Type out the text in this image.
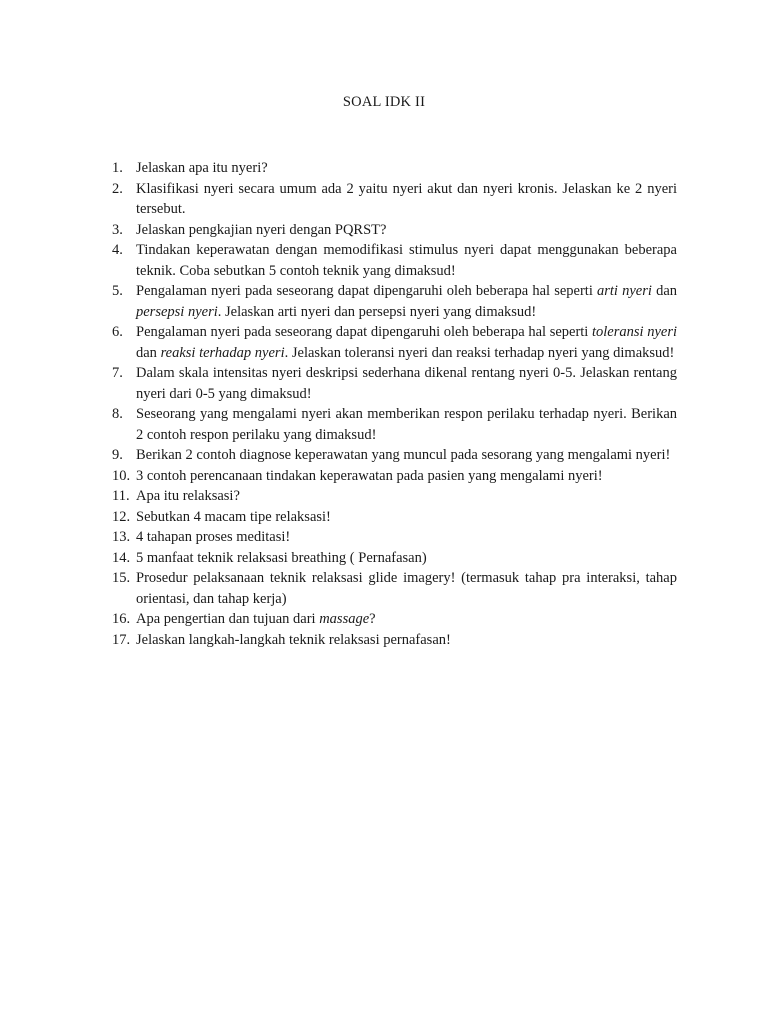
SOAL IDK II
1. Jelaskan apa itu nyeri?
2. Klasifikasi nyeri secara umum ada 2 yaitu nyeri akut dan nyeri kronis. Jelaskan ke 2 nyeri tersebut.
3. Jelaskan pengkajian nyeri dengan PQRST?
4. Tindakan keperawatan dengan memodifikasi stimulus nyeri dapat menggunakan beberapa teknik. Coba sebutkan 5 contoh teknik yang dimaksud!
5. Pengalaman nyeri pada seseorang dapat dipengaruhi oleh beberapa hal seperti arti nyeri dan persepsi nyeri. Jelaskan arti nyeri dan persepsi nyeri yang dimaksud!
6. Pengalaman nyeri pada seseorang dapat dipengaruhi oleh beberapa hal seperti toleransi nyeri dan reaksi terhadap nyeri. Jelaskan toleransi nyeri dan reaksi terhadap nyeri yang dimaksud!
7. Dalam skala intensitas nyeri deskripsi sederhana dikenal rentang nyeri 0-5. Jelaskan rentang nyeri dari 0-5 yang dimaksud!
8. Seseorang yang mengalami nyeri akan memberikan respon perilaku terhadap nyeri. Berikan 2 contoh respon perilaku yang dimaksud!
9. Berikan 2 contoh diagnose keperawatan yang muncul pada sesorang yang mengalami nyeri!
10. 3 contoh perencanaan tindakan keperawatan pada pasien yang mengalami nyeri!
11. Apa itu relaksasi?
12. Sebutkan 4 macam tipe relaksasi!
13. 4 tahapan proses meditasi!
14. 5 manfaat teknik relaksasi breathing ( Pernafasan)
15. Prosedur pelaksanaan teknik relaksasi glide imagery! (termasuk tahap pra interaksi, tahap orientasi, dan tahap kerja)
16. Apa pengertian dan tujuan dari massage?
17. Jelaskan langkah-langkah teknik relaksasi pernafasan!
